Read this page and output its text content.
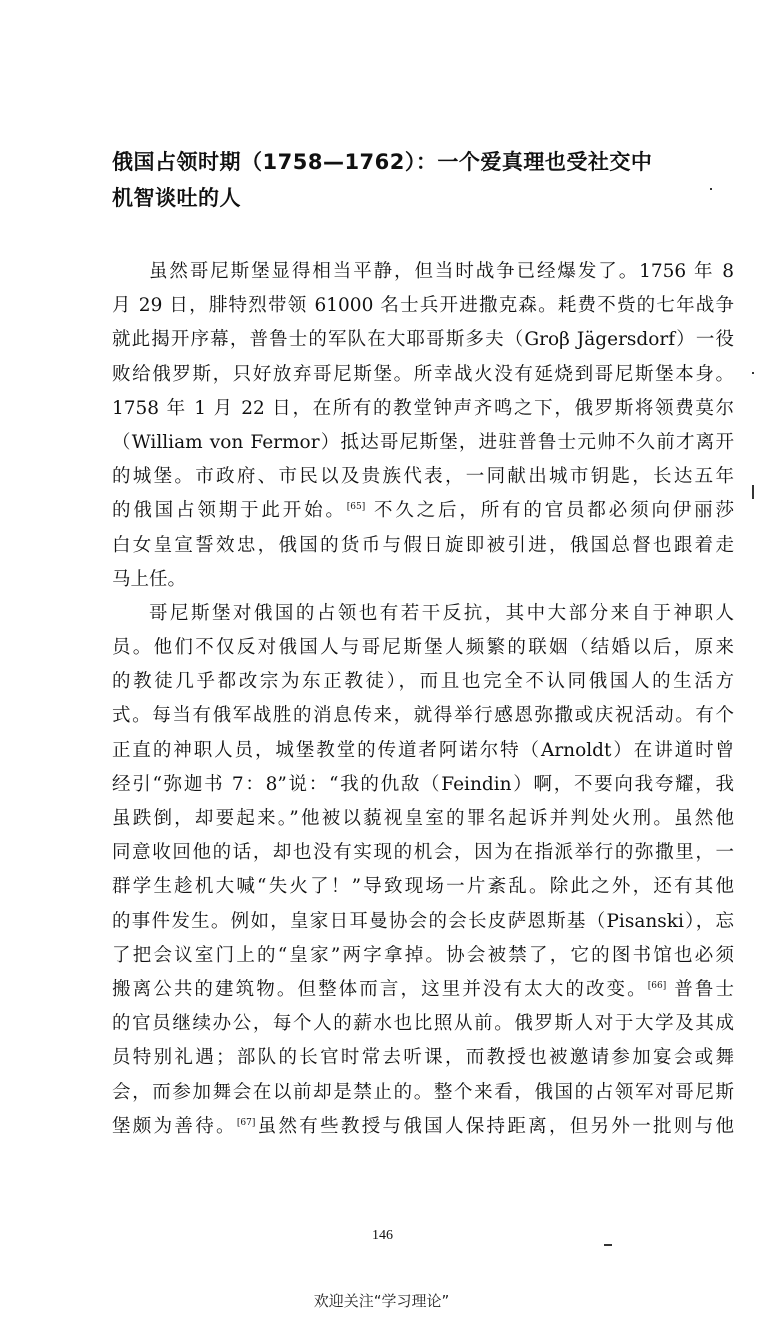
俄国占领时期（1758—1762）：一个爱真理也受社交中
机智谈吐的人
虽然哥尼斯堡显得相当平静，但当时战争已经爆发了。1756 年 8
月 29 日，腓特烈带领 61000 名士兵开进撒克森。耗费不赀的七年战争
就此揭开序幕，普鲁士的军队在大耶哥斯多夫（Groβ Jägersdorf）一役
败给俄罗斯，只好放弃哥尼斯堡。所幸战火没有延烧到哥尼斯堡本身。
1758 年 1 月 22 日，在所有的教堂钟声齐鸣之下，俄罗斯将领费莫尔
（William von Fermor）抵达哥尼斯堡，进驻普鲁士元帅不久前才离开
的城堡。市政府、市民以及贵族代表，一同献出城市钥匙，长达五年
的俄国占领期于此开始。[65] 不久之后，所有的官员都必须向伊丽莎
白女皇宣誓效忠，俄国的货币与假日旋即被引进，俄国总督也跟着走
马上任。
哥尼斯堡对俄国的占领也有若干反抗，其中大部分来自于神职人
员。他们不仅反对俄国人与哥尼斯堡人频繁的联姻（结婚以后，原来
的教徒几乎都改宗为东正教徒），而且也完全不认同俄国人的生活方
式。每当有俄军战胜的消息传来，就得举行感恩弥撒或庆祝活动。有个
正直的神职人员，城堡教堂的传道者阿诺尔特（Arnoldt）在讲道时曾
经引“弥迦书 7：8”说：“我的仇敌（Feindin）啊，不要向我夸耀，我
虽跌倒，却要起来。”他被以藐视皇室的罪名起诉并判处火刑。虽然他
同意收回他的话，却也没有实现的机会，因为在指派举行的弥撒里，一
群学生趁机大喊“失火了！”导致现场一片紊乱。除此之外，还有其他
的事件发生。例如，皇家日耳曼协会的会长皮萨恩斯基（Pisanski），忘
了把会议室门上的“皇家”两字拿掉。协会被禁了，它的图书馆也必须
搬离公共的建筑物。但整体而言，这里并没有太大的改变。[66] 普鲁士
的官员继续办公，每个人的薪水也比照从前。俄罗斯人对于大学及其成
员特别礼遇；部队的长官时常去听课，而教授也被邀请参加宴会或舞
会，而参加舞会在以前却是禁止的。整个来看，俄国的占领军对哥尼斯
堡颇为善待。[67]虽然有些教授与俄国人保持距离，但另外一批则与他
146
欢迎关注“学习理论”
